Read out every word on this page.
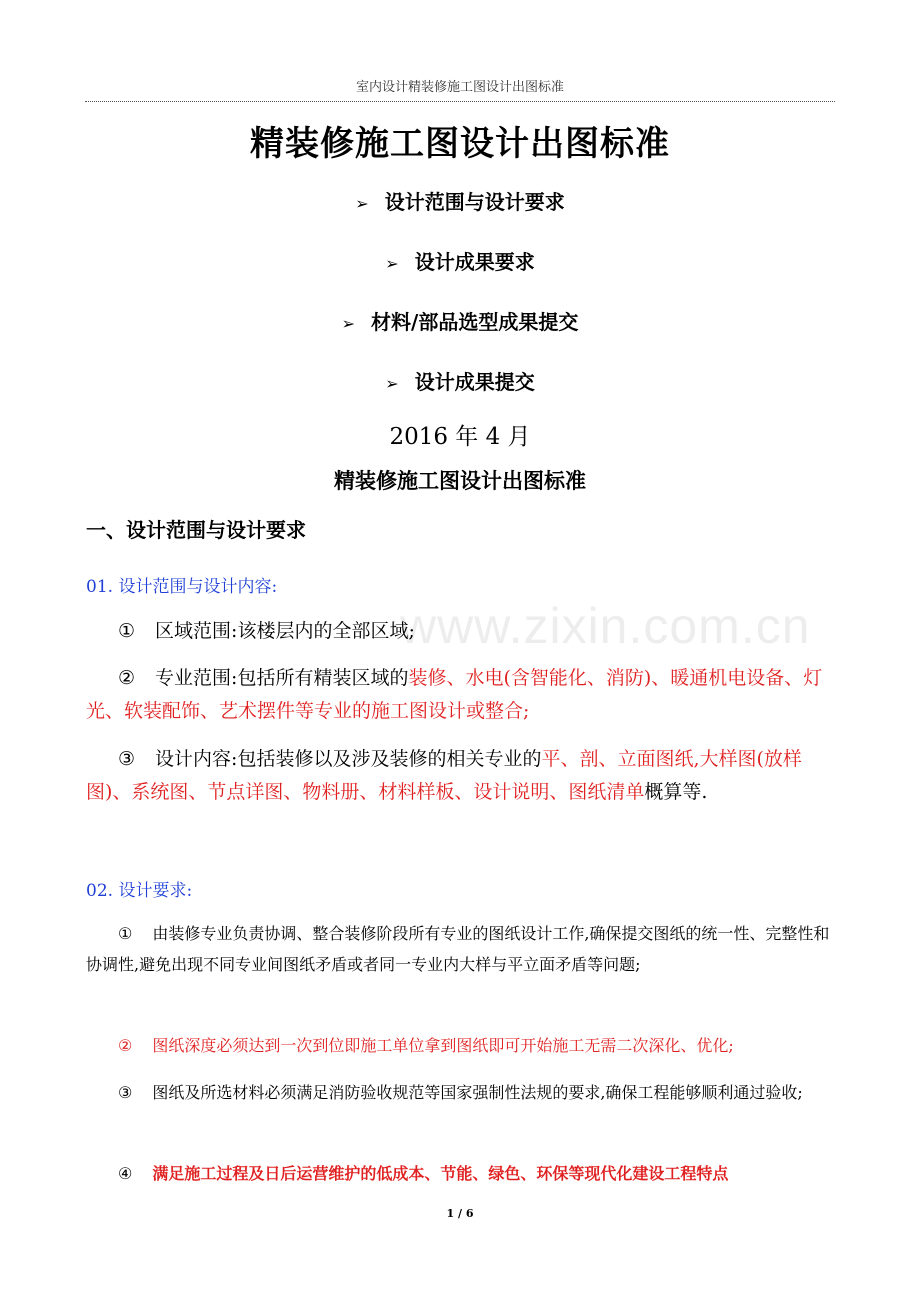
室内设计精装修施工图设计出图标准
精装修施工图设计出图标准
➢ 设计范围与设计要求
➢ 设计成果要求
➢ 材料/部品选型成果提交
➢ 设计成果提交
2016 年 4 月
精装修施工图设计出图标准
一、设计范围与设计要求
01. 设计范围与设计内容:
www.zixin.com.cn
① 区域范围:该楼层内的全部区域;
② 专业范围:包括所有精装区域的装修、水电(含智能化、消防)、暖通机电设备、灯光、软装配饰、艺术摆件等专业的施工图设计或整合;
③ 设计内容:包括装修以及涉及装修的相关专业的平、剖、立面图纸,大样图(放样图)、系统图、节点详图、物料册、材料样板、设计说明、图纸清单概算等.
02. 设计要求:
① 由装修专业负责协调、整合装修阶段所有专业的图纸设计工作,确保提交图纸的统一性、完整性和协调性,避免出现不同专业间图纸矛盾或者同一专业内大样与平立面矛盾等问题;
② 图纸深度必须达到一次到位即施工单位拿到图纸即可开始施工无需二次深化、优化;
③ 图纸及所选材料必须满足消防验收规范等国家强制性法规的要求,确保工程能够顺利通过验收;
④ 满足施工过程及日后运营维护的低成本、节能、绿色、环保等现代化建设工程特点
1 / 6
